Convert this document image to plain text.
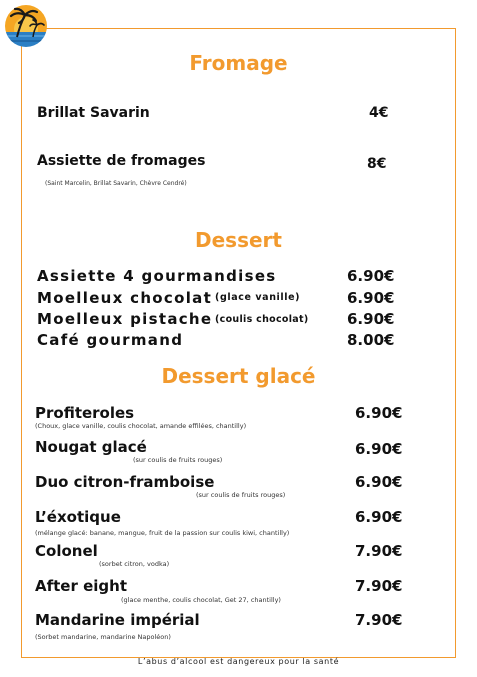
Fromage
Brillat Savarin	4€
Assiette de fromages	8€
(Saint Marcelin, Brillat Savarin, Chèvre Cendré)
Dessert
Assiette 4 gourmandises	6.90€
Moelleux chocolat (glace vanille)	6.90€
Moelleux pistache (coulis chocolat)	6.90€
Café gourmand	8.00€
Dessert glacé
Profiteroles	6.90€
(Choux, glace vanille, coulis chocolat, amande effilées, chantilly)
Nougat glacé	6.90€
(sur coulis de fruits rouges)
Duo citron-framboise	6.90€
(sur coulis de fruits rouges)
L’éxotique	6.90€
(mélange glacé: banane, mangue, fruit de la passion sur coulis kiwi, chantilly)
Colonel	7.90€
(sorbet citron, vodka)
After eight	7.90€
(glace menthe, coulis chocolat, Get 27, chantilly)
Mandarine impérial	7.90€
(Sorbet mandarine, mandarine Napoléon)
L’abus d’alcool est dangereux pour la santé
